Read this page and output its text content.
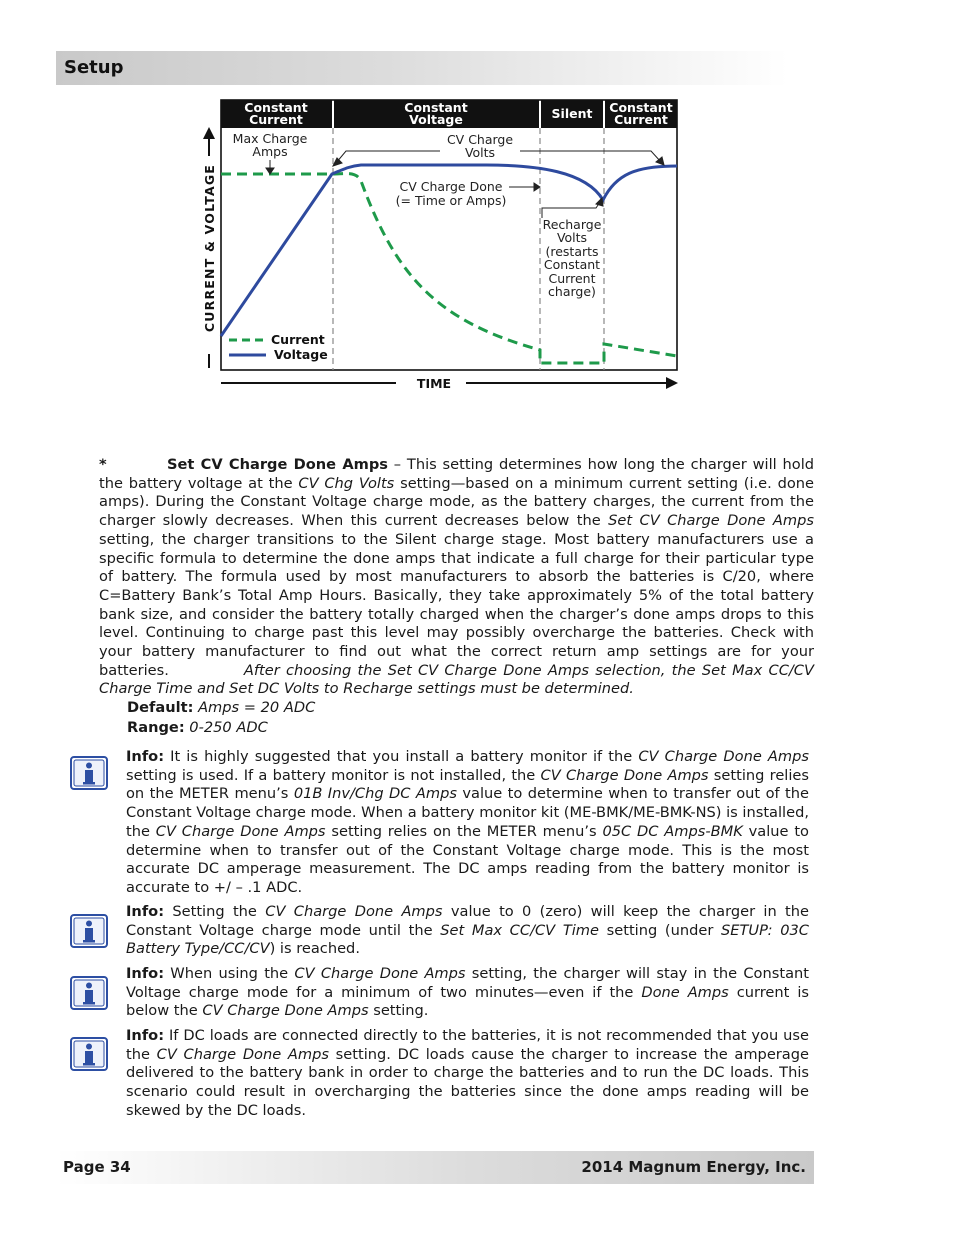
Setup
Constant
Current
Constant
Voltage	Silent Constant
Current
Max Charge
Amps
CV Charge
Volts
CV Charge Done
(= Time or Amps)
Recharge
Volts
(restarts
Constant
Current
charge)
Current
Voltage
CURRENT & VOLTAGE
TIME

*	Set CV Charge Done Amps – This setting determines how long the charger will hold the battery voltage at the CV Chg Volts setting—based on a minimum current setting (i.e. done amps). During the Constant Voltage charge mode, as the battery charges, the current from the charger slowly decreases. When this current decreases below the Set CV Charge Done Amps setting, the charger transitions to the Silent charge stage. Most battery manufacturers use a specific formula to determine the done amps that indicate a full charge for their particular type of battery. The formula used by most manufacturers to absorb the batteries is C/20, where C=Battery Bank’s Total Amp Hours. Basically, they take approximately 5% of the total battery bank size, and consider the battery totally charged when the charger’s done amps drops to this level. Continuing to charge past this level may possibly overcharge the batteries. Check with your battery manufacturer to find out what the correct return amp settings are for your batteries.	After choosing the Set CV Charge Done Amps selection, the Set Max CC/CV Charge Time and Set DC Volts to Recharge settings must be determined.

Default: Amps = 20 ADC

Range: 0-250 ADC

Info: It is highly suggested that you install a battery monitor if the CV Charge Done Amps setting is used. If a battery monitor is not installed, the CV Charge Done Amps setting relies on the METER menu’s 01B Inv/Chg DC Amps value to determine when to transfer out of the Constant Voltage charge mode. When a battery monitor kit (ME-BMK/ME-BMK-NS) is installed, the CV Charge Done Amps setting relies on the METER menu’s 05C DC Amps-BMK value to determine when to transfer out of the Constant Voltage charge mode. This is the most accurate DC amperage measurement. The DC amps reading from the battery monitor is accurate to +/ – .1 ADC.
Info: Setting the CV Charge Done Amps value to 0 (zero) will keep the charger in the Constant Voltage charge mode until the Set Max CC/CV Time setting (under SETUP: 03C Battery Type/CC/CV) is reached.
Info: When using the CV Charge Done Amps setting, the charger will stay in the Constant Voltage charge mode for a minimum of two minutes—even if the Done Amps current is below the CV Charge Done Amps setting.
Info: If DC loads are connected directly to the batteries, it is not recommended that you use the CV Charge Done Amps setting. DC loads cause the charger to increase the amperage delivered to the battery bank in order to charge the batteries and to run the DC loads. This scenario could result in overcharging the batteries since the done amps reading will be skewed by the DC loads.
Page 34	2014 Magnum Energy, Inc.
